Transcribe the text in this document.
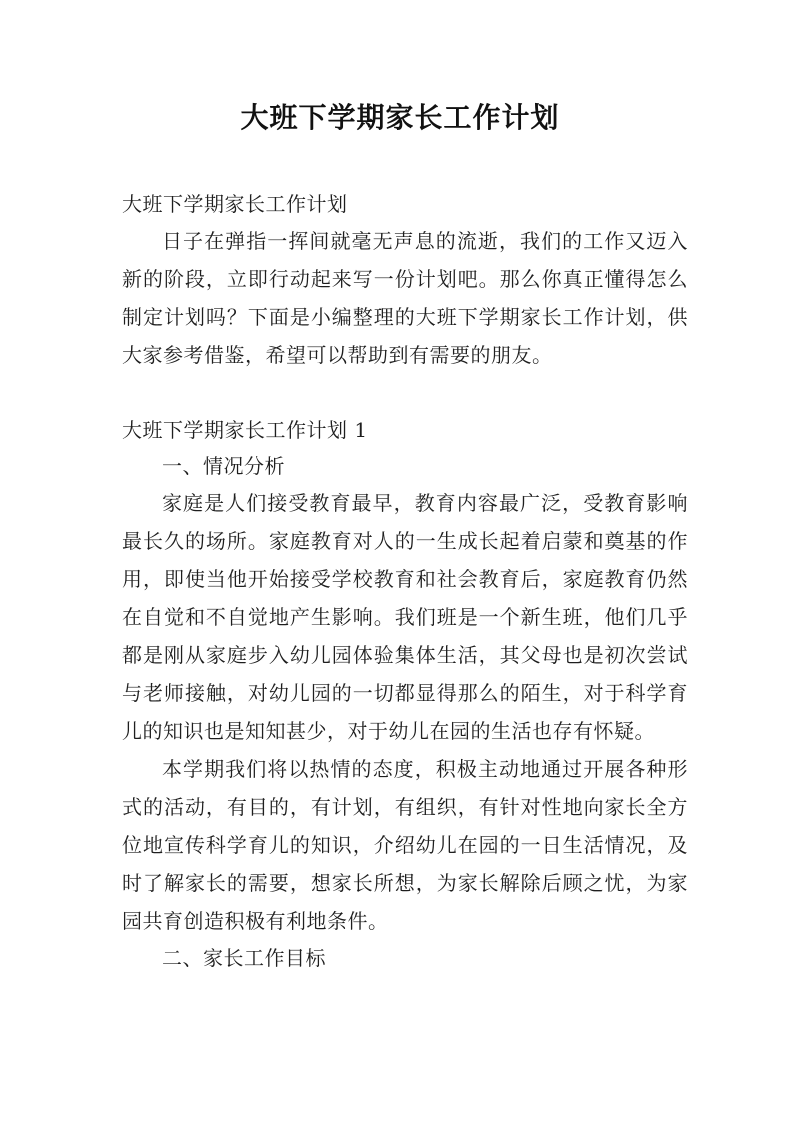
大班下学期家长工作计划
大班下学期家长工作计划
日子在弹指一挥间就毫无声息的流逝，我们的工作又迈入新的阶段，立即行动起来写一份计划吧。那么你真正懂得怎么制定计划吗？下面是小编整理的大班下学期家长工作计划，供大家参考借鉴，希望可以帮助到有需要的朋友。
大班下学期家长工作计划 1
一、情况分析
家庭是人们接受教育最早，教育内容最广泛，受教育影响最长久的场所。家庭教育对人的一生成长起着启蒙和奠基的作用，即使当他开始接受学校教育和社会教育后，家庭教育仍然在自觉和不自觉地产生影响。我们班是一个新生班，他们几乎都是刚从家庭步入幼儿园体验集体生活，其父母也是初次尝试与老师接触，对幼儿园的一切都显得那么的陌生，对于科学育儿的知识也是知知甚少，对于幼儿在园的生活也存有怀疑。
本学期我们将以热情的态度，积极主动地通过开展各种形式的活动，有目的，有计划，有组织，有针对性地向家长全方位地宣传科学育儿的知识，介绍幼儿在园的一日生活情况，及时了解家长的需要，想家长所想，为家长解除后顾之忧，为家园共育创造积极有利地条件。
二、家长工作目标
